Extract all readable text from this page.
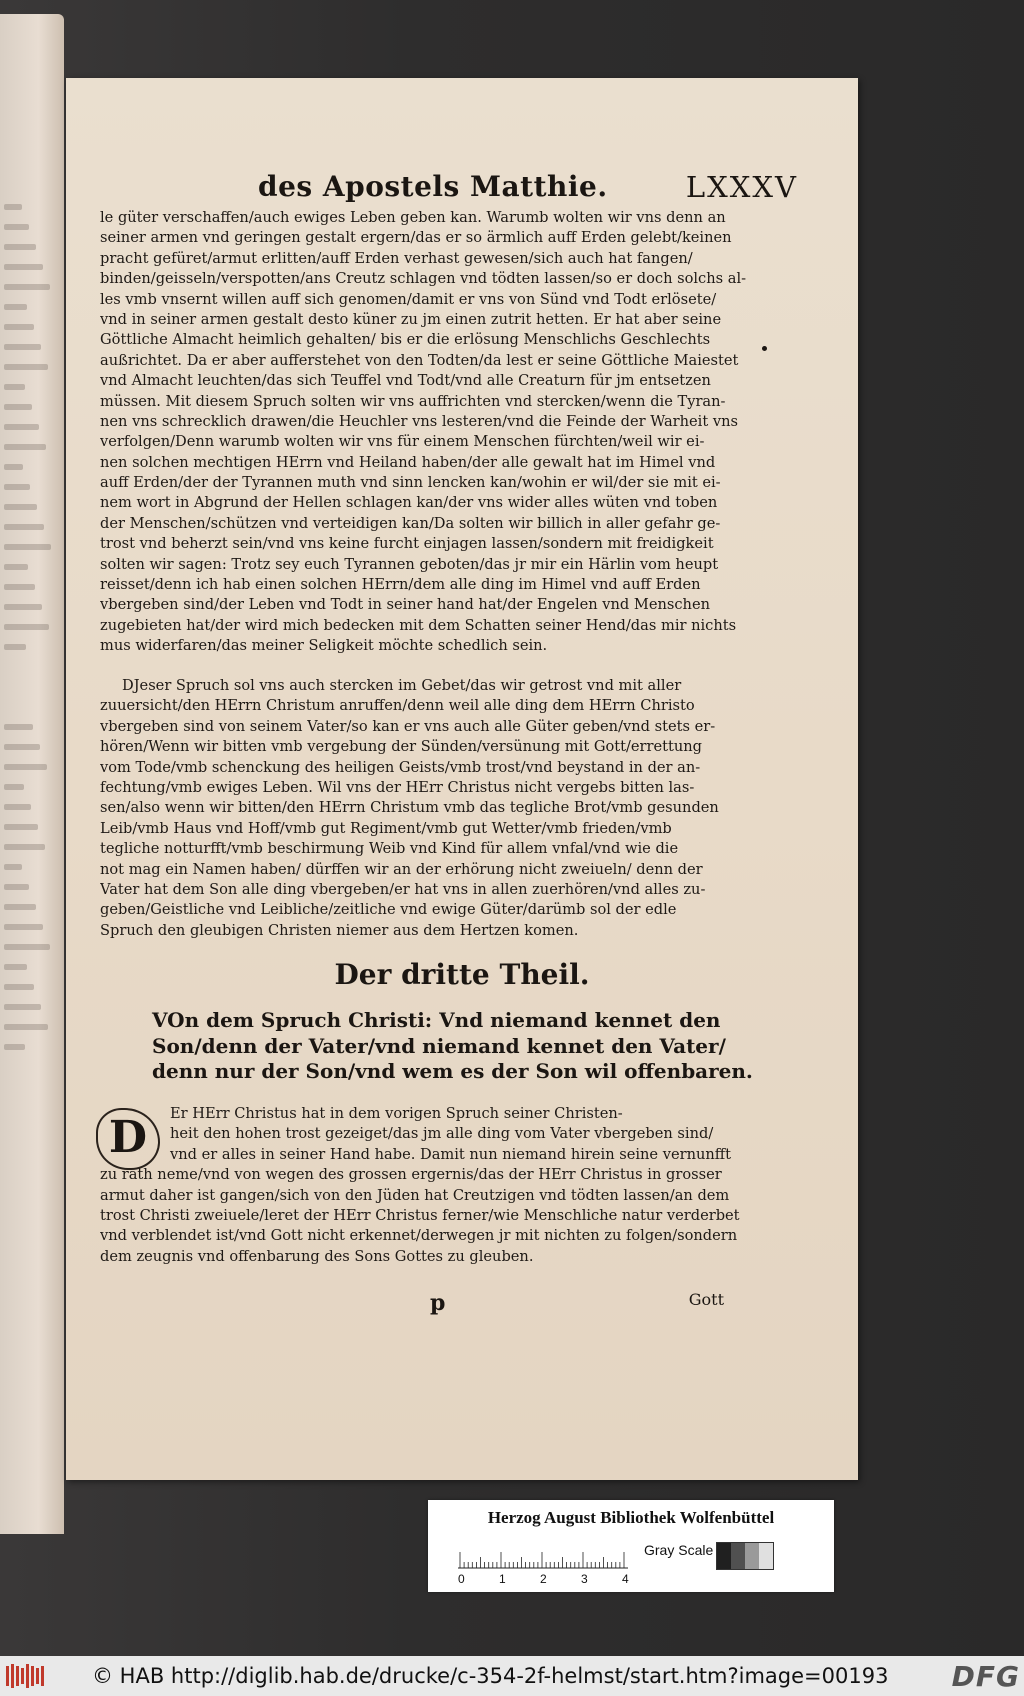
des Apostels Matthie.	LXXXV
le güter verschaffen/auch ewiges Leben geben kan. Warumb wolten wir vns denn an
seiner armen vnd geringen gestalt ergern/das er so ärmlich auff Erden gelebt/keinen
pracht gefüret/armut erlitten/auff Erden verhast gewesen/sich auch hat fangen/
binden/geisseln/verspotten/ans Creutz schlagen vnd tödten lassen/so er doch solchs al-
les vmb vnsernt willen auff sich genomen/damit er vns von Sünd vnd Todt erlösete/
vnd in seiner armen gestalt desto küner zu jm einen zutrit hetten. Er hat aber seine
Göttliche Almacht heimlich gehalten/ bis er die erlösung Menschlichs Geschlechts
außrichtet. Da er aber aufferstehet von den Todten/da lest er seine Göttliche Maiestet
vnd Almacht leuchten/das sich Teuffel vnd Todt/vnd alle Creaturn für jm entsetzen
müssen. Mit diesem Spruch solten wir vns auffrichten vnd stercken/wenn die Tyran-
nen vns schrecklich drawen/die Heuchler vns lesteren/vnd die Feinde der Warheit vns
verfolgen/Denn warumb wolten wir vns für einem Menschen fürchten/weil wir ei-
nen solchen mechtigen HErrn vnd Heiland haben/der alle gewalt hat im Himel vnd
auff Erden/der der Tyrannen muth vnd sinn lencken kan/wohin er wil/der sie mit ei-
nem wort in Abgrund der Hellen schlagen kan/der vns wider alles wüten vnd toben
der Menschen/schützen vnd verteidigen kan/Da solten wir billich in aller gefahr ge-
trost vnd beherzt sein/vnd vns keine furcht einjagen lassen/sondern mit freidigkeit
solten wir sagen: Trotz sey euch Tyrannen geboten/das jr mir ein Härlin vom heupt
reisset/denn ich hab einen solchen HErrn/dem alle ding im Himel vnd auff Erden
vbergeben sind/der Leben vnd Todt in seiner hand hat/der Engelen vnd Menschen
zugebieten hat/der wird mich bedecken mit dem Schatten seiner Hend/das mir nichts
mus widerfaren/das meiner Seligkeit möchte schedlich sein.
DJeser Spruch sol vns auch stercken im Gebet/das wir getrost vnd mit aller
zuuersicht/den HErrn Christum anruffen/denn weil alle ding dem HErrn Christo
vbergeben sind von seinem Vater/so kan er vns auch alle Güter geben/vnd stets er-
hören/Wenn wir bitten vmb vergebung der Sünden/versünung mit Gott/errettung
vom Tode/vmb schenckung des heiligen Geists/vmb trost/vnd beystand in der an-
fechtung/vmb ewiges Leben. Wil vns der HErr Christus nicht vergebs bitten las-
sen/also wenn wir bitten/den HErrn Christum vmb das tegliche Brot/vmb gesunden
Leib/vmb Haus vnd Hoff/vmb gut Regiment/vmb gut Wetter/vmb frieden/vmb
tegliche notturfft/vmb beschirmung Weib vnd Kind für allem vnfal/vnd wie die
not mag ein Namen haben/ dürffen wir an der erhörung nicht zweiueln/ denn der
Vater hat dem Son alle ding vbergeben/er hat vns in allen zuerhören/vnd alles zu-
geben/Geistliche vnd Leibliche/zeitliche vnd ewige Güter/darümb sol der edle
Spruch den gleubigen Christen niemer aus dem Hertzen komen.
Der dritte Theil.
VOn dem Spruch Christi: Vnd niemand kennet den
Son/denn der Vater/vnd niemand kennet den Vater/
denn nur der Son/vnd wem es der Son wil offenbaren.
D	Er HErr Christus hat in dem vorigen Spruch seiner Christen-
heit den hohen trost gezeiget/das jm alle ding vom Vater vbergeben sind/
vnd er alles in seiner Hand habe. Damit nun niemand hirein seine vernunfft
zu rath neme/vnd von wegen des grossen ergernis/das der HErr Christus in grosser
armut daher ist gangen/sich von den Jüden hat Creutzigen vnd tödten lassen/an dem
trost Christi zweiuele/leret der HErr Christus ferner/wie Menschliche natur verderbet
vnd verblendet ist/vnd Gott nicht erkennet/derwegen jr mit nichten zu folgen/sondern
dem zeugnis vnd offenbarung des Sons Gottes zu gleuben.
p	Gott
Herzog August Bibliothek Wolfenbüttel
0	1	2	3	4
Gray Scale
© HAB http://diglib.hab.de/drucke/c-354-2f-helmst/start.htm?image=00193 DFG
